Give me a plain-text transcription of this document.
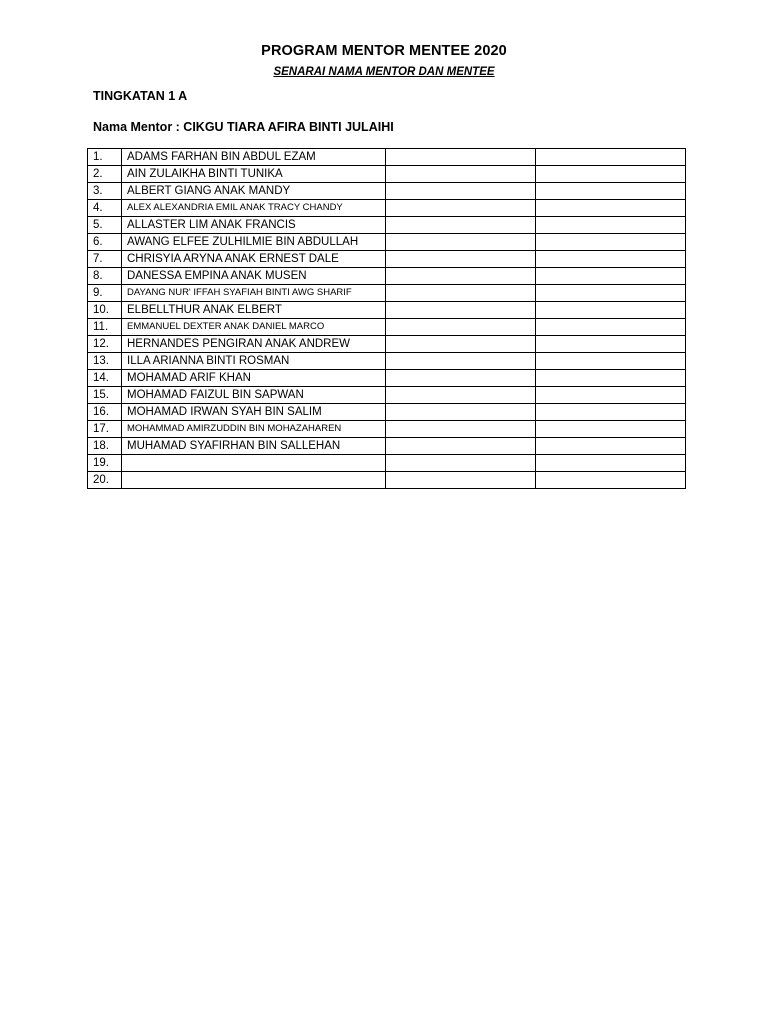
PROGRAM MENTOR MENTEE 2020
SENARAI NAMA MENTOR DAN MENTEE
TINGKATAN 1 A
Nama Mentor : CIKGU TIARA AFIRA BINTI JULAIHI
1.	ADAMS FARHAN BIN ABDUL EZAM		
2.	AIN ZULAIKHA BINTI TUNIKA		
3.	ALBERT GIANG ANAK MANDY		
4.	ALEX ALEXANDRIA EMIL ANAK TRACY CHANDY		
5.	ALLASTER LIM ANAK FRANCIS		
6.	AWANG ELFEE ZULHILMIE BIN ABDULLAH		
7.	CHRISYIA ARYNA ANAK ERNEST DALE		
8.	DANESSA EMPINA ANAK MUSEN		
9.	DAYANG NUR' IFFAH SYAFIAH BINTI AWG SHARIF		
10.	ELBELLTHUR ANAK ELBERT		
11.	EMMANUEL DEXTER ANAK DANIEL MARCO		
12.	HERNANDES PENGIRAN ANAK ANDREW		
13.	ILLA ARIANNA BINTI ROSMAN		
14.	MOHAMAD ARIF KHAN		
15.	MOHAMAD FAIZUL BIN SAPWAN		
16.	MOHAMAD IRWAN SYAH BIN SALIM		
17.	MOHAMMAD AMIRZUDDIN BIN MOHAZAHAREN		
18.	MUHAMAD SYAFIRHAN BIN SALLEHAN		
19.			
20.			
